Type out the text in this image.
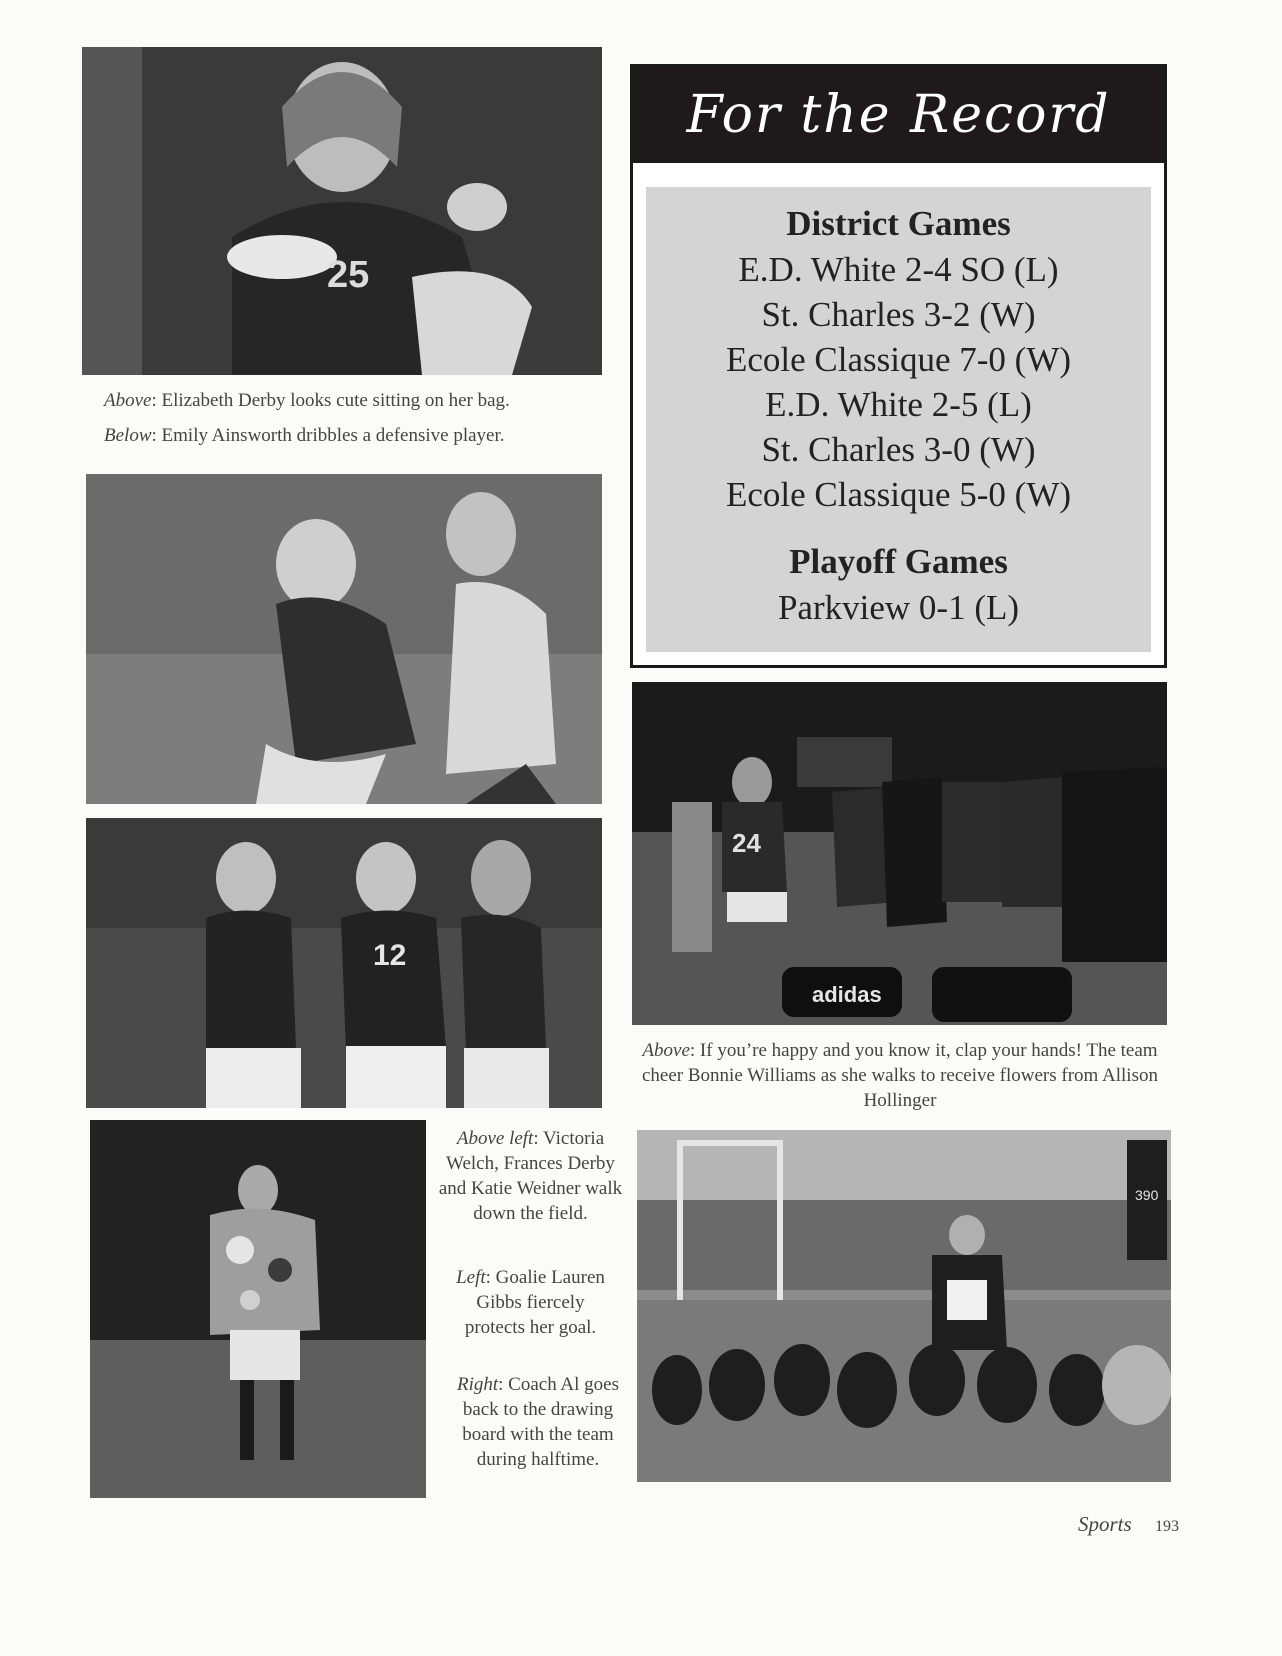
25
Above: Elizabeth Derby looks cute sitting on her bag.
Below: Emily Ainsworth dribbles a defensive player.
12
Above left: Victoria Welch, Frances Derby and Katie Weidner walk down the field.
Left: Goalie Lauren Gibbs fiercely protects her goal.
Right: Coach Al goes back to the drawing board with the team during halftime.
For the Record

District Games

E.D. White 2-4 SO (L)

St. Charles 3-2 (W)

Ecole Classique 7-0 (W)

E.D. White 2-5 (L)

St. Charles 3-0 (W)

Ecole Classique 5-0 (W)

Playoff Games

Parkview 0-1 (L)

24
adidas
Above: If you’re happy and you know it, clap your hands! The team cheer Bonnie Williams as she walks to receive flowers from Allison Hollinger
390
Sports 193
